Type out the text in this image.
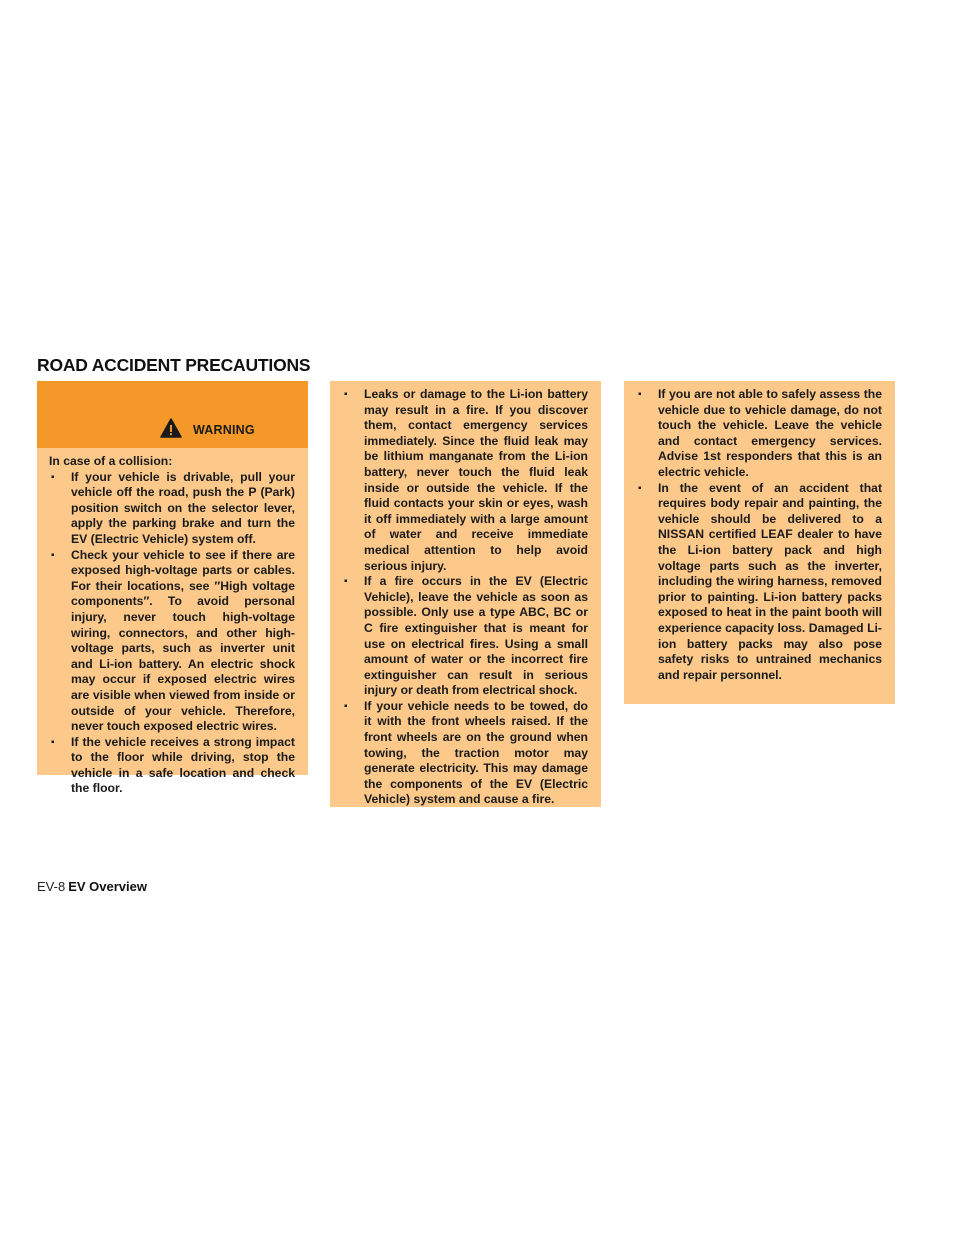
ROAD ACCIDENT PRECAUTIONS
WARNING
In case of a collision:
▪ If your vehicle is drivable, pull your vehicle off the road, push the P (Park) position switch on the selector lever, apply the parking brake and turn the EV (Electric Vehicle) system off.
▪ Check your vehicle to see if there are exposed high-voltage parts or cables. For their locations, see ″High voltage components″. To avoid personal injury, never touch high-voltage wiring, connectors, and other high-voltage parts, such as inverter unit and Li-ion battery. An electric shock may occur if exposed electric wires are visible when viewed from inside or outside of your vehicle. Therefore, never touch exposed electric wires.
▪ If the vehicle receives a strong impact to the floor while driving, stop the vehicle in a safe location and check the floor.
▪ Leaks or damage to the Li-ion battery may result in a fire. If you discover them, contact emergency services immediately. Since the fluid leak may be lithium manganate from the Li-ion battery, never touch the fluid leak inside or outside the vehicle. If the fluid contacts your skin or eyes, wash it off immediately with a large amount of water and receive immediate medical attention to help avoid serious injury.
▪ If a fire occurs in the EV (Electric Vehicle), leave the vehicle as soon as possible. Only use a type ABC, BC or C fire extinguisher that is meant for use on electrical fires. Using a small amount of water or the incorrect fire extinguisher can result in serious injury or death from electrical shock.
▪ If your vehicle needs to be towed, do it with the front wheels raised. If the front wheels are on the ground when towing, the traction motor may generate electricity. This may damage the components of the EV (Electric Vehicle) system and cause a fire.
▪ If you are not able to safely assess the vehicle due to vehicle damage, do not touch the vehicle. Leave the vehicle and contact emergency services. Advise 1st responders that this is an electric vehicle.
▪ In the event of an accident that requires body repair and painting, the vehicle should be delivered to a NISSAN certified LEAF dealer to have the Li-ion battery pack and high voltage parts such as the inverter, including the wiring harness, removed prior to painting. Li-ion battery packs exposed to heat in the paint booth will experience capacity loss. Damaged Li-ion battery packs may also pose safety risks to untrained mechanics and repair personnel.
EV-8 EV Overview
